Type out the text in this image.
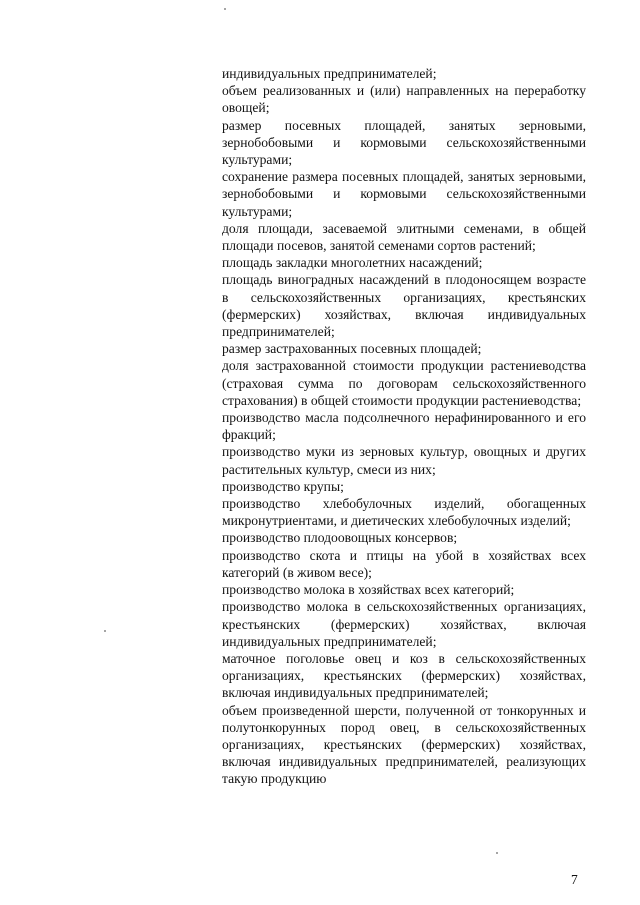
индивидуальных предпринимателей;

объем реализованных и (или) направленных на переработку овощей;

размер посевных площадей, занятых зерновыми, зернобобовыми и кормовыми сельскохозяйственными культурами;

сохранение размера посевных площадей, занятых зерновыми, зернобобовыми и кормовыми сельскохозяйственными культурами;

доля площади, засеваемой элитными семенами, в общей площади посевов, занятой семенами сортов растений;

площадь закладки многолетних насаждений;

площадь виноградных насаждений в плодоносящем возрасте в сельскохозяйственных организациях, крестьянских (фермерских) хозяйствах, включая индивидуальных предпринимателей;

размер застрахованных посевных площадей;

доля застрахованной стоимости продукции растениеводства (страховая сумма по договорам сельскохозяйственного страхования) в общей стоимости продукции растениеводства;

производство масла подсолнечного нерафинированного и его фракций;

производство муки из зерновых культур, овощных и других растительных культур, смеси из них;

производство крупы;

производство хлебобулочных изделий, обогащенных микронутриентами, и диетических хлебобулочных изделий;

производство плодоовощных консервов;

производство скота и птицы на убой в хозяйствах всех категорий (в живом весе);

производство молока в хозяйствах всех категорий;

производство молока в сельскохозяйственных организациях, крестьянских (фермерских) хозяйствах, включая индивидуальных предпринимателей;

маточное поголовье овец и коз в сельскохозяйственных организациях, крестьянских (фермерских) хозяйствах, включая индивидуальных предпринимателей;

объем произведенной шерсти, полученной от тонкорунных и полутонкорунных пород овец, в сельскохозяйственных организациях, крестьянских (фермерских) хозяйствах, включая индивидуальных предпринимателей, реализующих такую продукцию

7
